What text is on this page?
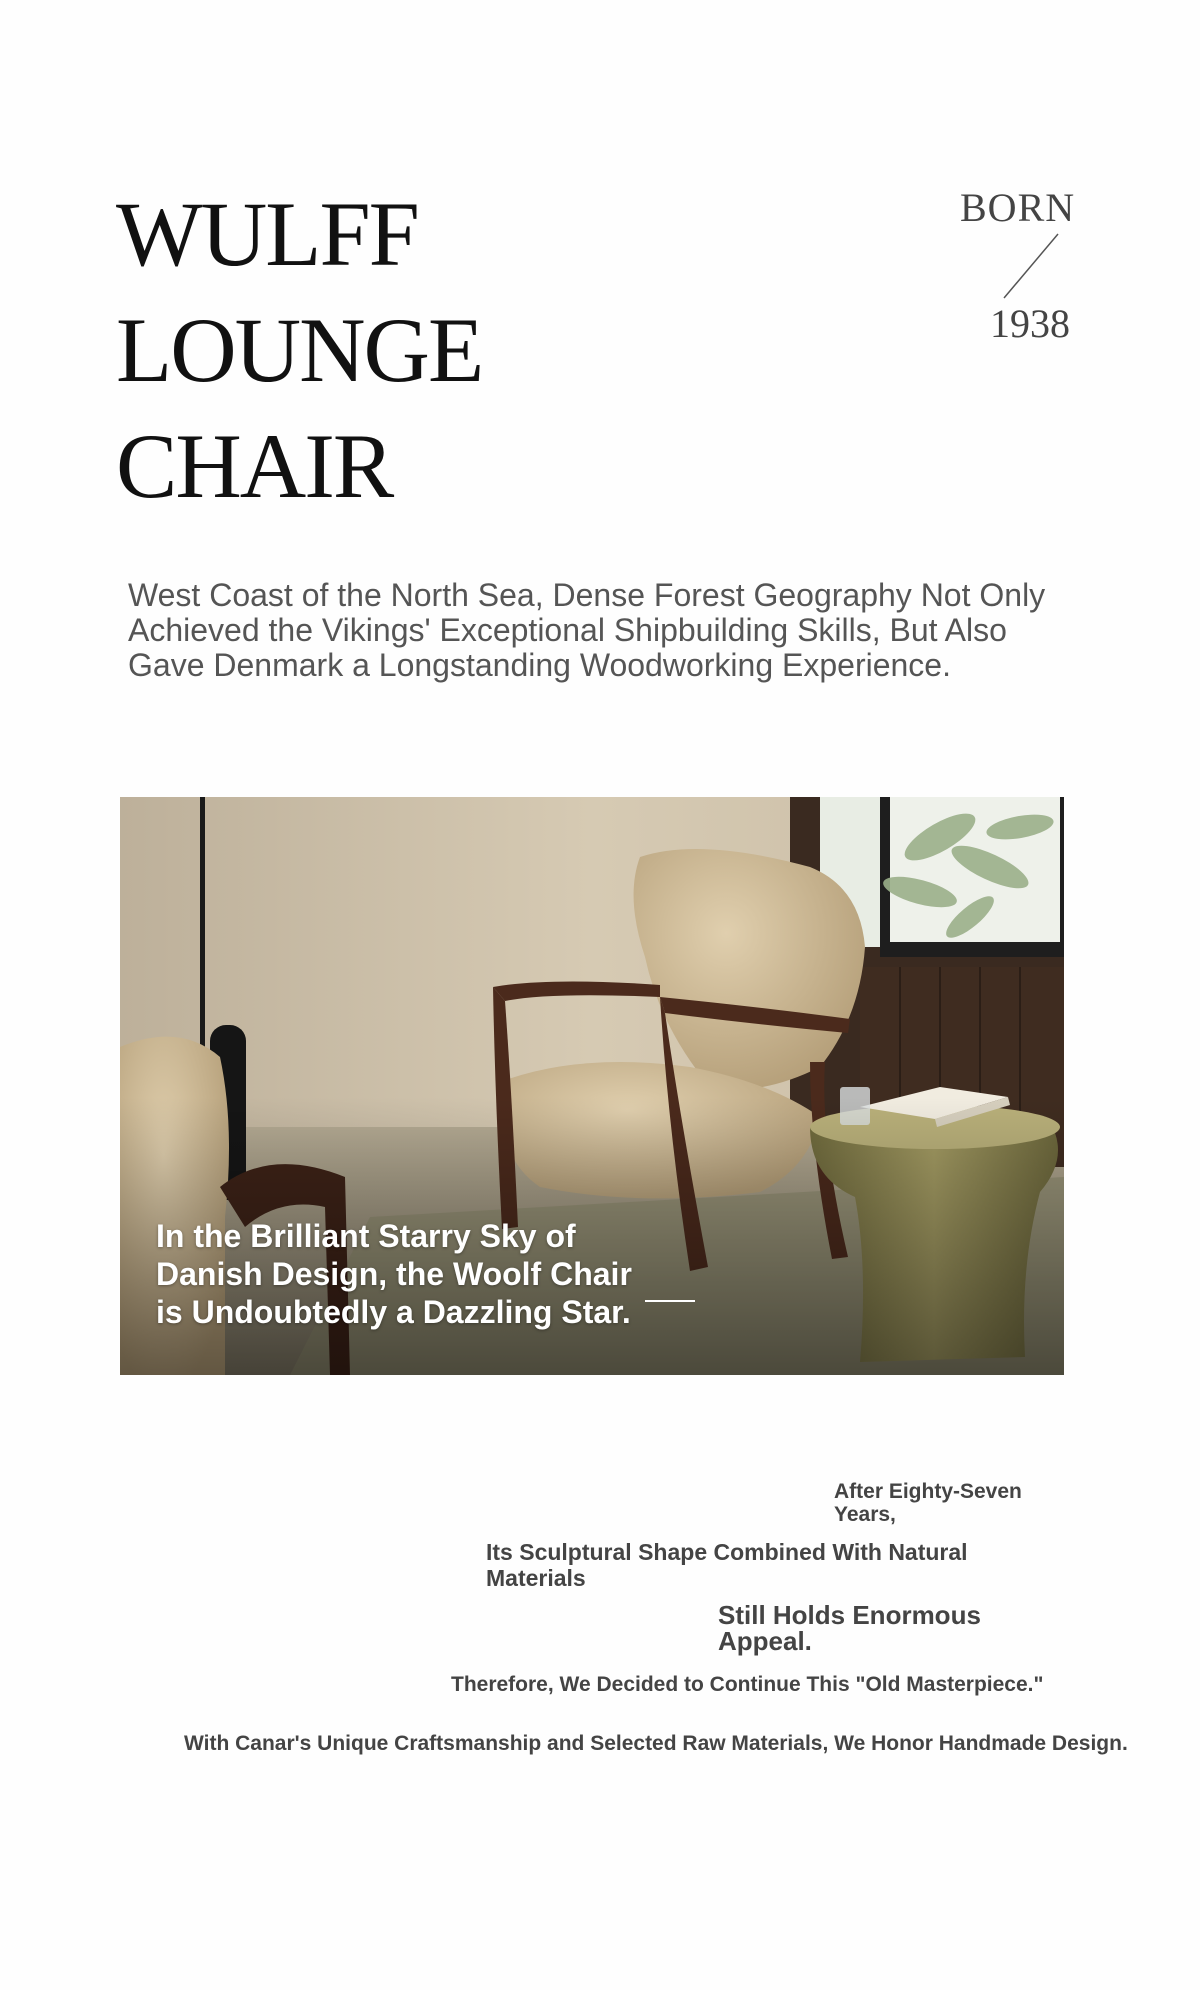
WULFF
LOUNGE
CHAIR
BORN
1938

West Coast of the North Sea, Dense Forest Geography Not Only Achieved the Vikings' Exceptional Shipbuilding Skills, But Also Gave Denmark a Longstanding Woodworking Experience.

In the Brilliant Starry Sky of
Danish Design, the Woolf Chair
is Undoubtedly a Dazzling Star.

After Eighty-Seven Years,

Its Sculptural Shape Combined With Natural Materials

Still Holds Enormous Appeal.

Therefore, We Decided to Continue This "Old Masterpiece."

With Canar's Unique Craftsmanship and Selected Raw Materials, We Honor Handmade Design.
